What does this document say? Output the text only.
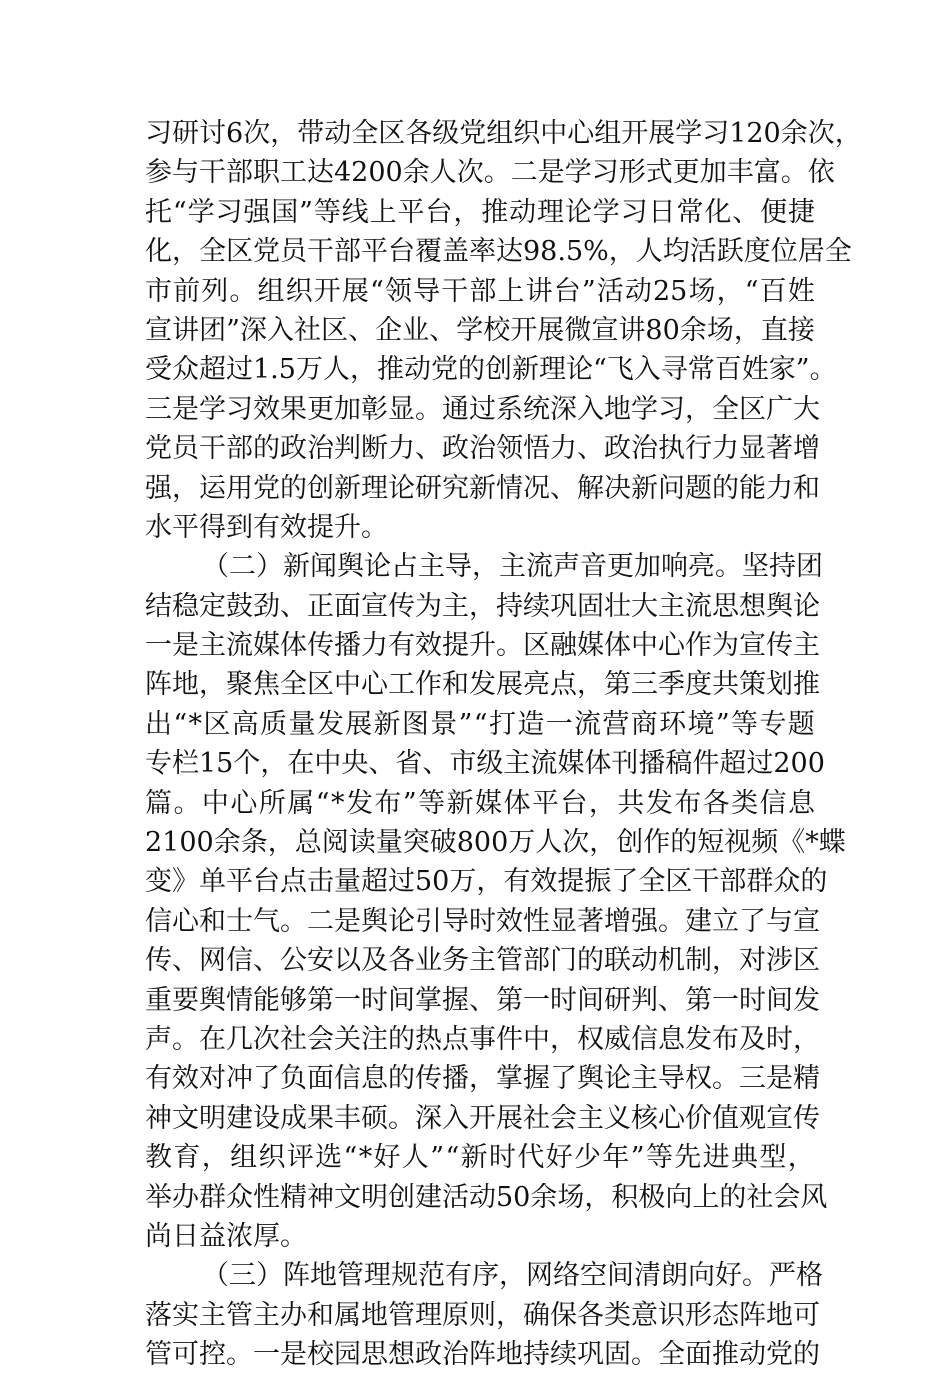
习 研 讨 6 次 ， 带 动 全 区 各 级 党 组 织 中 心 组 开 展 学 习 120 余 次 ，
参 与 干 部 职 工 达 4200 余 人 次 。 二 是 学 习 形 式 更 加 丰 富 。 依
托 “ 学 习 强 国 ” 等 线 上 平 台 ， 推 动 理 论 学 习 日 常 化 、 便 捷
化 ， 全 区 党 员 干 部 平 台 覆 盖 率 达 98.5% ， 人 均 活 跃 度 位 居 全
市 前 列 。 组 织 开 展 “ 领 导 干 部 上 讲 台 ” 活 动 25 场 ， “ 百 姓
宣 讲 团 ” 深 入 社 区 、 企 业 、 学 校 开 展 微 宣 讲 80 余 场 ， 直 接
受 众 超 过 1.5 万 人 ， 推 动 党 的 创 新 理 论 “ 飞 入 寻 常 百 姓 家 ” 。
三 是 学 习 效 果 更 加 彰 显 。 通 过 系 统 深 入 地 学 习 ， 全 区 广 大
党 员 干 部 的 政 治 判 断 力 、 政 治 领 悟 力 、 政 治 执 行 力 显 著 增
强 ， 运 用 党 的 创 新 理 论 研 究 新 情 况 、 解 决 新 问 题 的 能 力 和
水平得到有效提升。
（ 二 ） 新 闻 舆 论 占 主 导 ， 主 流 声 音 更 加 响 亮 。 坚 持 团
结 稳 定 鼓 劲 、 正 面 宣 传 为 主 ， 持 续 巩 固 壮 大 主 流 思 想 舆 论
一 是 主 流 媒 体 传 播 力 有 效 提 升 。 区 融 媒 体 中 心 作 为 宣 传 主
阵 地 ， 聚 焦 全 区 中 心 工 作 和 发 展 亮 点 ， 第 三 季 度 共 策 划 推
出 “ * 区 高 质 量 发 展 新 图 景 ” “ 打 造 一 流 营 商 环 境 ” 等 专 题
专 栏 15 个 ， 在 中 央 、 省 、 市 级 主 流 媒 体 刊 播 稿 件 超 过 200
篇 。 中 心 所 属 “ * 发 布 ” 等 新 媒 体 平 台 ， 共 发 布 各 类 信 息
2100 余 条 ， 总 阅 读 量 突 破 800 万 人 次 ， 创 作 的 短 视 频 《 * 蝶
变 》 单 平 台 点 击 量 超 过 50 万 ， 有 效 提 振 了 全 区 干 部 群 众 的
信 心 和 士 气 。 二 是 舆 论 引 导 时 效 性 显 著 增 强 。 建 立 了 与 宣
传 、 网 信 、 公 安 以 及 各 业 务 主 管 部 门 的 联 动 机 制 ， 对 涉 区
重 要 舆 情 能 够 第 一 时 间 掌 握 、 第 一 时 间 研 判 、 第 一 时 间 发
声 。 在 几 次 社 会 关 注 的 热 点 事 件 中 ， 权 威 信 息 发 布 及 时 ，
有 效 对 冲 了 负 面 信 息 的 传 播 ， 掌 握 了 舆 论 主 导 权 。 三 是 精
神 文 明 建 设 成 果 丰 硕 。 深 入 开 展 社 会 主 义 核 心 价 值 观 宣 传
教 育 ， 组 织 评 选 “ * 好 人 ” “ 新 时 代 好 少 年 ” 等 先 进 典 型 ，
举 办 群 众 性 精 神 文 明 创 建 活 动 50 余 场 ， 积 极 向 上 的 社 会 风
尚日益浓厚。
（ 三 ） 阵 地 管 理 规 范 有 序 ， 网 络 空 间 清 朗 向 好 。 严 格
落 实 主 管 主 办 和 属 地 管 理 原 则 ， 确 保 各 类 意 识 形 态 阵 地 可
管 可 控 。 一 是 校 园 思 想 政 治 阵 地 持 续 巩 固 。 全 面 推 动 党 的
